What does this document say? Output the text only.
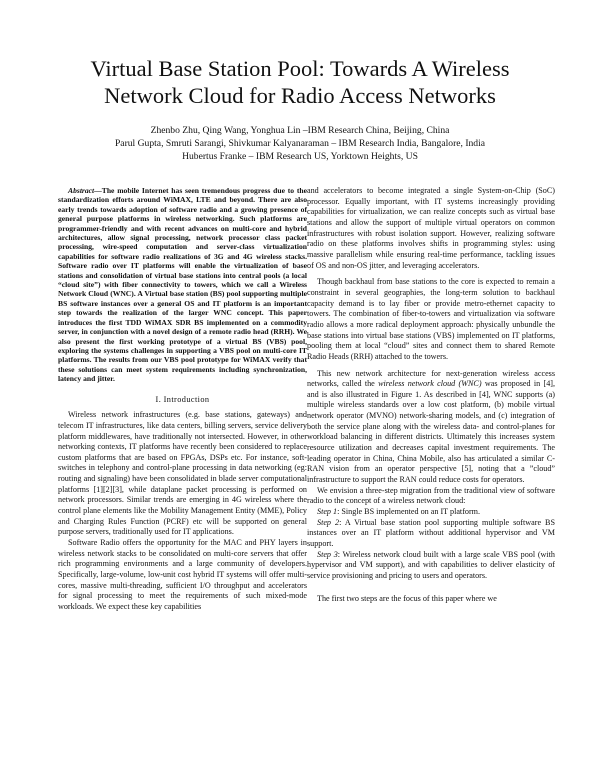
Virtual Base Station Pool: Towards A Wireless
Network Cloud for Radio Access Networks
Zhenbo Zhu, Qing Wang, Yonghua Lin –IBM Research China, Beijing, China
Parul Gupta, Smruti Sarangi, Shivkumar Kalyanaraman – IBM Research India, Bangalore, India
Hubertus Franke – IBM Research US, Yorktown Heights, US

Abstract—The mobile Internet has seen tremendous progress due to the standardization efforts around WiMAX, LTE and beyond. There are also early trends towards adoption of software radio and a growing presence of general purpose platforms in wireless networking. Such platforms are programmer-friendly and with recent advances on multi-core and hybrid architectures, allow signal processing, network processor class packet processing, wire-speed computation and server-class virtualization capabilities for software radio realizations of 3G and 4G wireless stacks. Software radio over IT platforms will enable the virtualization of base stations and consolidation of virtual base stations into central pools (a local “cloud site”) with fiber connectivity to towers, which we call a Wireless Network Cloud (WNC). A Virtual base station (BS) pool supporting multiple BS software instances over a general OS and IT platform is an important step towards the realization of the larger WNC concept. This paper introduces the first TDD WiMAX SDR BS implemented on a commodity server, in conjunction with a novel design of a remote radio head (RRH). We also present the first working prototype of a virtual BS (VBS) pool, exploring the systems challenges in supporting a VBS pool on multi-core IT platforms. The results from our VBS pool prototype for WiMAX verify that these solutions can meet system requirements including synchronization, latency and jitter.

I. Introduction

Wireless network infrastructures (e.g. base stations, gateways) and telecom IT infrastructures, like data centers, billing servers, service delivery platform middlewares, have traditionally not intersected. However, in other networking contexts, IT platforms have recently been considered to replace custom platforms that are based on FPGAs, DSPs etc. For instance, soft-switches in telephony and control-plane processing in data networking (eg: routing and signaling) have been consolidated in blade server computational platforms [1][2][3], while dataplane packet processing is performed on network processors. Similar trends are emerging in 4G wireless where the control plane elements like the Mobility Management Entity (MME), Policy and Charging Rules Function (PCRF) etc will be supported on general purpose servers, traditionally used for IT applications.

Software Radio offers the opportunity for the MAC and PHY layers in wireless network stacks to be consolidated on multi-core servers that offer rich programming environments and a large community of developers. Specifically, large-volume, low-unit cost hybrid IT systems will offer multi-cores, massive multi-threading, sufficient I/O throughput and accelerators for signal processing to meet the requirements of such mixed-mode workloads. We expect these key capabilities

and accelerators to become integrated a single System-on-Chip (SoC) processor. Equally important, with IT systems increasingly providing capabilities for virtualization, we can realize concepts such as virtual base stations and allow the support of multiple virtual operators on common infrastructures with robust isolation support. However, realizing software radio on these platforms involves shifts in programming styles: using massive parallelism while ensuring real-time performance, tackling issues of OS and non-OS jitter, and leveraging accelerators.

Though backhaul from base stations to the core is expected to remain a constraint in several geographies, the long-term solution to backhaul capacity demand is to lay fiber or provide metro-ethernet capacity to towers. The combination of fiber-to-towers and virtualization via software radio allows a more radical deployment approach: physically unbundle the base stations into virtual base stations (VBS) implemented on IT platforms, pooling them at local “cloud” sites and connect them to shared Remote Radio Heads (RRH) attached to the towers.

This new network architecture for next-generation wireless access networks, called the wireless network cloud (WNC) was proposed in [4], and is also illustrated in Figure 1. As described in [4], WNC supports (a) multiple wireless standards over a low cost platform, (b) mobile virtual network operator (MVNO) network-sharing models, and (c) integration of both the service plane along with the wireless data- and control-planes for workload balancing in different districts. Ultimately this increases system resource utilization and decreases capital investment requirements. The leading operator in China, China Mobile, also has articulated a similar C-RAN vision from an operator perspective [5], noting that a ”cloud” infrastructure to support the RAN could reduce costs for operators.

We envision a three-step migration from the traditional view of software radio to the concept of a wireless network cloud:

Step 1: Single BS implemented on an IT platform.

Step 2: A Virtual base station pool supporting multiple software BS instances over an IT platform without additional hypervisor and VM support.

Step 3: Wireless network cloud built with a large scale VBS pool (with hypervisor and VM support), and with capabilities to deliver elasticity of service provisioning and pricing to users and operators.

The first two steps are the focus of this paper where we
